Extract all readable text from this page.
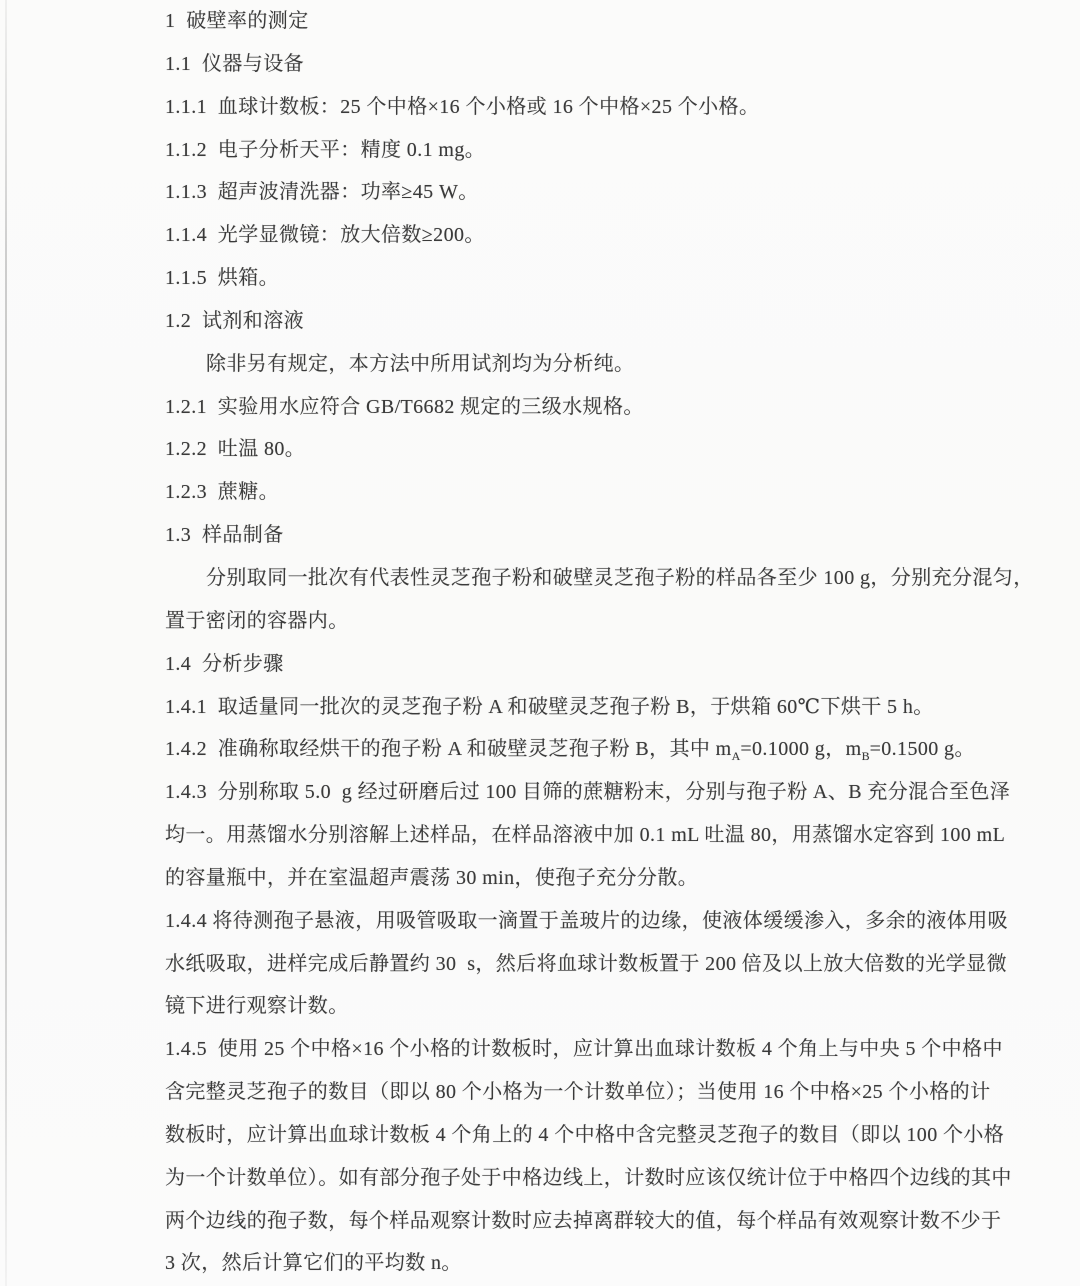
1  破壁率的测定
1.1  仪器与设备
1.1.1  血球计数板：25 个中格×16 个小格或 16 个中格×25 个小格。
1.1.2  电子分析天平：精度 0.1 mg。
1.1.3  超声波清洗器：功率≥45 W。
1.1.4  光学显微镜：放大倍数≥200。
1.1.5  烘箱。
1.2  试剂和溶液
除非另有规定，本方法中所用试剂均为分析纯。
1.2.1  实验用水应符合 GB/T6682 规定的三级水规格。
1.2.2  吐温 80。
1.2.3  蔗糖。
1.3  样品制备
分别取同一批次有代表性灵芝孢子粉和破壁灵芝孢子粉的样品各至少 100 g，分别充分混匀，
置于密闭的容器内。
1.4  分析步骤
1.4.1  取适量同一批次的灵芝孢子粉 A 和破壁灵芝孢子粉 B，于烘箱 60℃下烘干 5 h。
1.4.2  准确称取经烘干的孢子粉 A 和破壁灵芝孢子粉 B，其中 $m_A=0.1000$ g，$m_B=0.1500$ g。
1.4.3  分别称取 5.0  g 经过研磨后过 100 目筛的蔗糖粉末，分别与孢子粉 A、B 充分混合至色泽
均一。用蒸馏水分别溶解上述样品，在样品溶液中加 0.1 mL 吐温 80，用蒸馏水定容到 100 mL
的容量瓶中，并在室温超声震荡 30 min，使孢子充分分散。
1.4.4 将待测孢子悬液，用吸管吸取一滴置于盖玻片的边缘，使液体缓缓渗入，多余的液体用吸
水纸吸取，进样完成后静置约 30  s，然后将血球计数板置于 200 倍及以上放大倍数的光学显微
镜下进行观察计数。
1.4.5  使用 25 个中格×16 个小格的计数板时，应计算出血球计数板 4 个角上与中央 5 个中格中
含完整灵芝孢子的数目（即以 80 个小格为一个计数单位）；当使用 16 个中格×25 个小格的计
数板时，应计算出血球计数板 4 个角上的 4 个中格中含完整灵芝孢子的数目（即以 100 个小格
为一个计数单位）。如有部分孢子处于中格边线上，计数时应该仅统计位于中格四个边线的其中
两个边线的孢子数，每个样品观察计数时应去掉离群较大的值，每个样品有效观察计数不少于
3 次，然后计算它们的平均数 n。
